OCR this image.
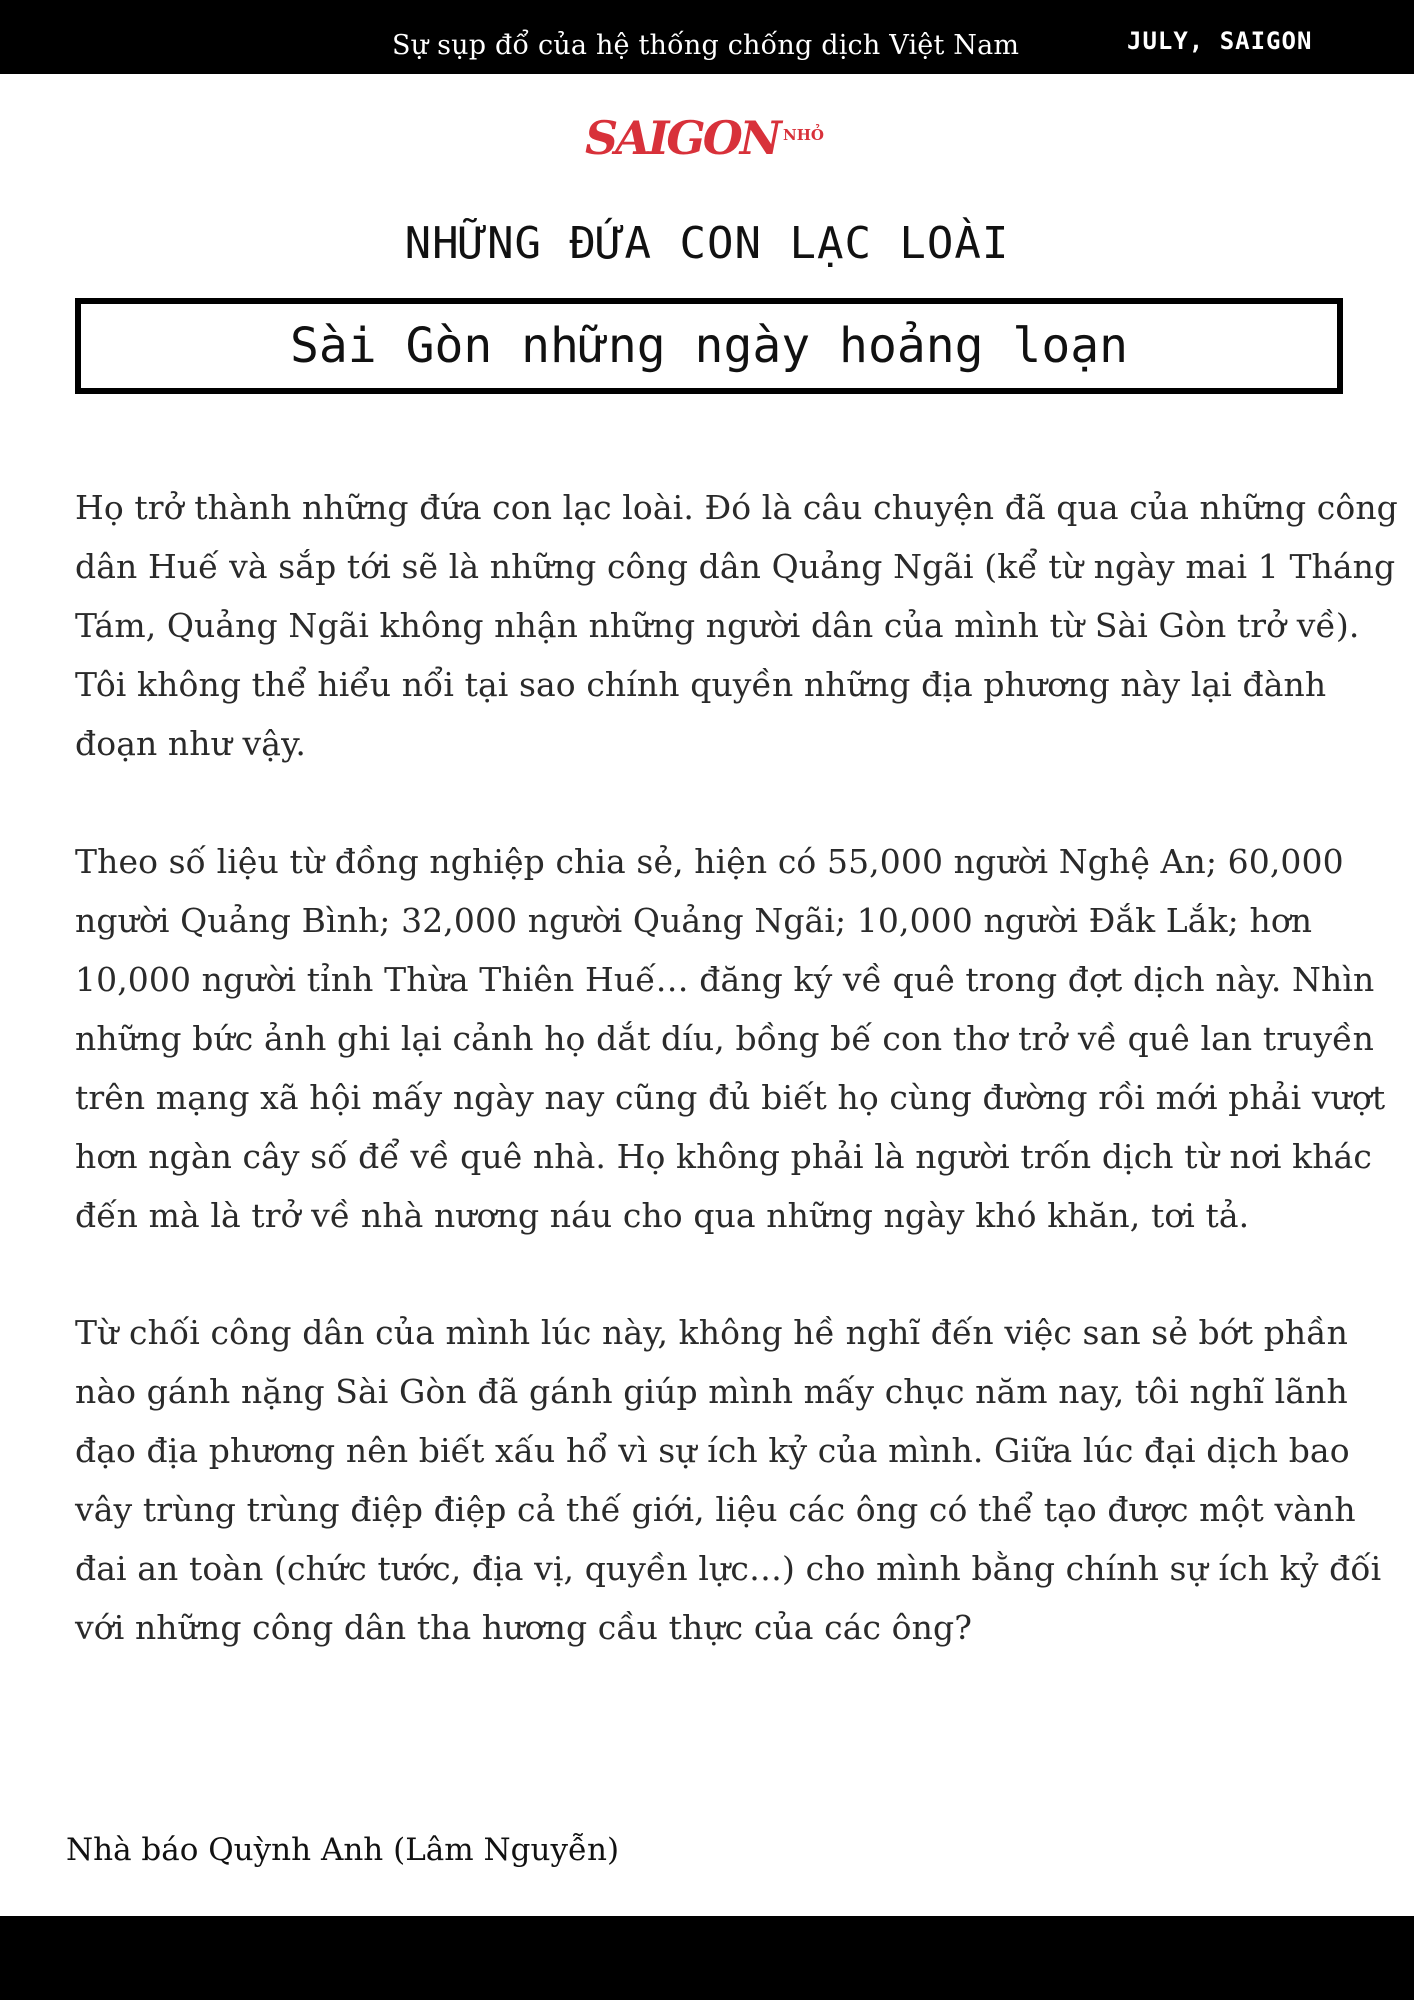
Sự sụp đổ của hệ thống chống dịch Việt Nam	JULY, SAIGON
SAIGON NHỎ
NHỮNG ĐỨA CON LẠC LOÀI
Sài Gòn những ngày hoảng loạn

Họ trở thành những đứa con lạc loài. Đó là câu chuyện đã qua của những công dân Huế và sắp tới sẽ là những công dân Quảng Ngãi (kể từ ngày mai 1 Tháng Tám, Quảng Ngãi không nhận những người dân của mình từ Sài Gòn trở về). Tôi không thể hiểu nổi tại sao chính quyền những địa phương này lại đành đoạn như vậy.

Theo số liệu từ đồng nghiệp chia sẻ, hiện có 55,000 người Nghệ An; 60,000 người Quảng Bình; 32,000 người Quảng Ngãi; 10,000 người Đắk Lắk; hơn 10,000 người tỉnh Thừa Thiên Huế… đăng ký về quê trong đợt dịch này. Nhìn những bức ảnh ghi lại cảnh họ dắt díu, bồng bế con thơ trở về quê lan truyền trên mạng xã hội mấy ngày nay cũng đủ biết họ cùng đường rồi mới phải vượt hơn ngàn cây số để về quê nhà. Họ không phải là người trốn dịch từ nơi khác đến mà là trở về nhà nương náu cho qua những ngày khó khăn, tơi tả.

Từ chối công dân của mình lúc này, không hề nghĩ đến việc san sẻ bớt phần nào gánh nặng Sài Gòn đã gánh giúp mình mấy chục năm nay, tôi nghĩ lãnh đạo địa phương nên biết xấu hổ vì sự ích kỷ của mình. Giữa lúc đại dịch bao vây trùng trùng điệp điệp cả thế giới, liệu các ông có thể tạo được một vành đai an toàn (chức tước, địa vị, quyền lực…) cho mình bằng chính sự ích kỷ đối với những công dân tha hương cầu thực của các ông?

Nhà báo Quỳnh Anh (Lâm Nguyễn)
